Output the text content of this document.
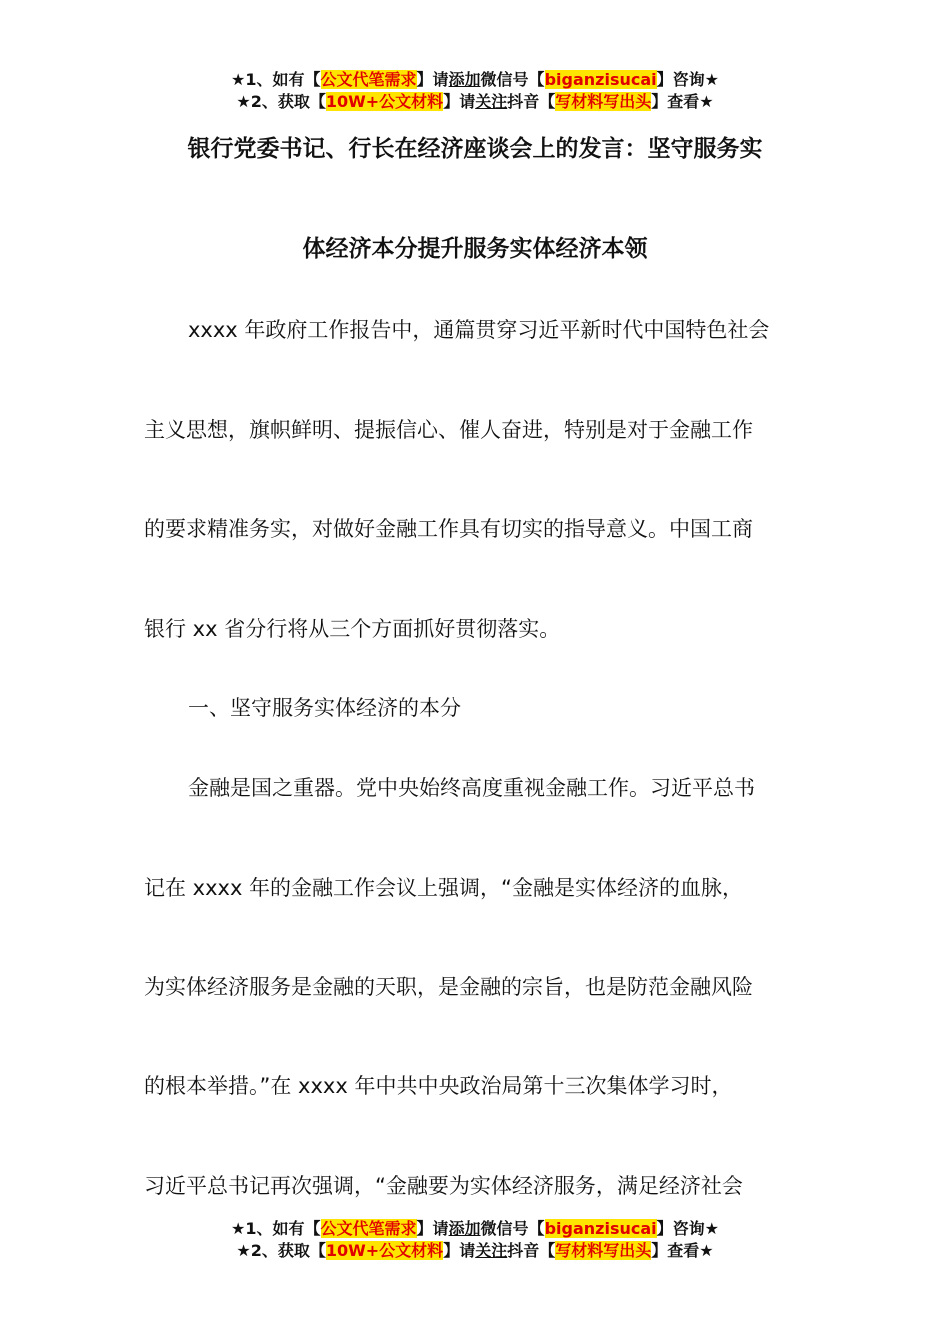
★1、如有【公文代笔需求】请添加微信号【biganzisucai】咨询★
★2、获取【10W+公文材料】请关注抖音【写材料写出头】查看★
银行党委书记、行长在经济座谈会上的发言：坚守服务实
体经济本分提升服务实体经济本领
xxxx 年政府工作报告中，通篇贯穿习近平新时代中国特色社会
主义思想，旗帜鲜明、提振信心、催人奋进，特别是对于金融工作
的要求精准务实，对做好金融工作具有切实的指导意义。中国工商
银行 xx 省分行将从三个方面抓好贯彻落实。
一、坚守服务实体经济的本分
金融是国之重器。党中央始终高度重视金融工作。习近平总书
记在 xxxx 年的金融工作会议上强调，“金融是实体经济的血脉，
为实体经济服务是金融的天职，是金融的宗旨，也是防范金融风险
的根本举措。”在 xxxx 年中共中央政治局第十三次集体学习时，
习近平总书记再次强调，“金融要为实体经济服务，满足经济社会
★1、如有【公文代笔需求】请添加微信号【biganzisucai】咨询★
★2、获取【10W+公文材料】请关注抖音【写材料写出头】查看★
